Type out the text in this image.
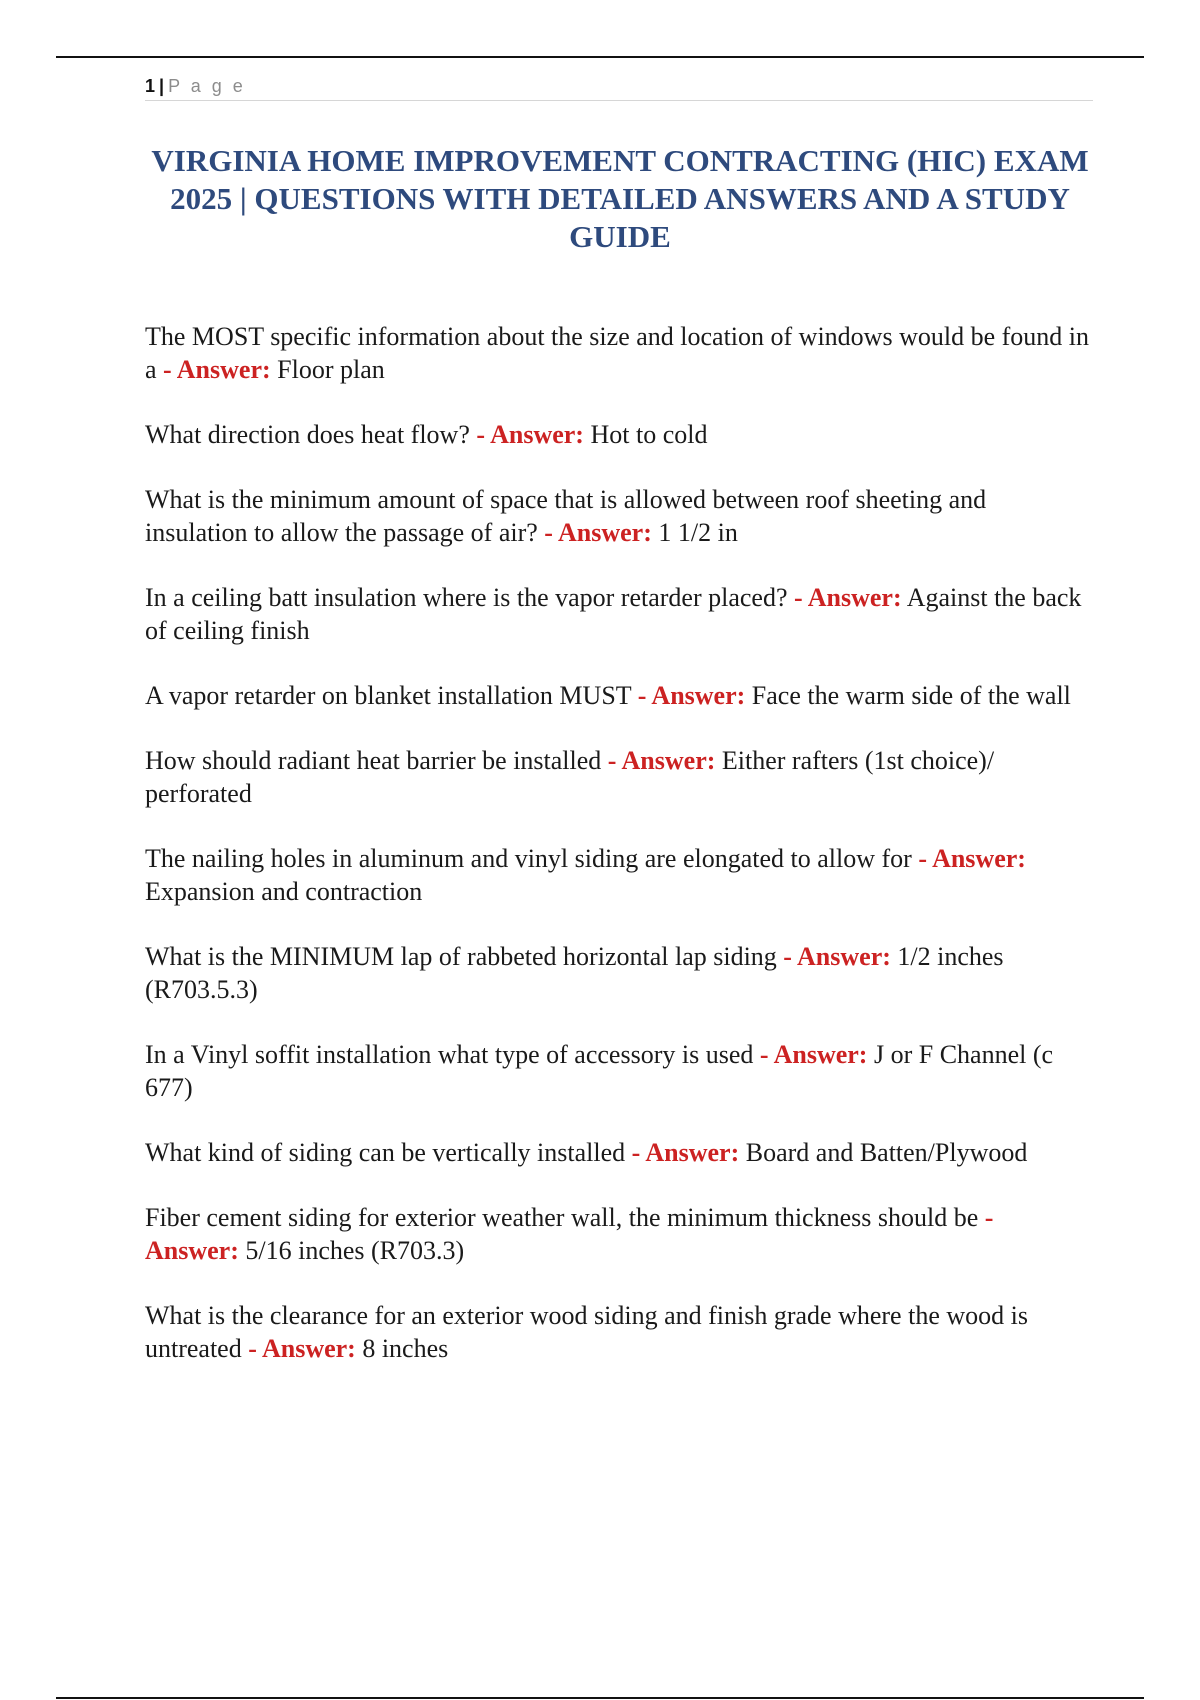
1 | P a g e
VIRGINIA HOME IMPROVEMENT CONTRACTING (HIC) EXAM 2025 | QUESTIONS WITH DETAILED ANSWERS AND A STUDY GUIDE

The MOST specific information about the size and location of windows would be found in a - Answer: Floor plan

What direction does heat flow? - Answer: Hot to cold

What is the minimum amount of space that is allowed between roof sheeting and insulation to allow the passage of air? - Answer: 1 1/2 in

In a ceiling batt insulation where is the vapor retarder placed? - Answer: Against the back of ceiling finish

A vapor retarder on blanket installation MUST - Answer: Face the warm side of the wall

How should radiant heat barrier be installed - Answer: Either rafters (1st choice)/ perforated

The nailing holes in aluminum and vinyl siding are elongated to allow for - Answer: Expansion and contraction

What is the MINIMUM lap of rabbeted horizontal lap siding - Answer: 1/2 inches (R703.5.3)

In a Vinyl soffit installation what type of accessory is used - Answer: J or F Channel (c 677)

What kind of siding can be vertically installed - Answer: Board and Batten/Plywood

Fiber cement siding for exterior weather wall, the minimum thickness should be - Answer: 5/16 inches (R703.3)

What is the clearance for an exterior wood siding and finish grade where the wood is untreated - Answer: 8 inches
